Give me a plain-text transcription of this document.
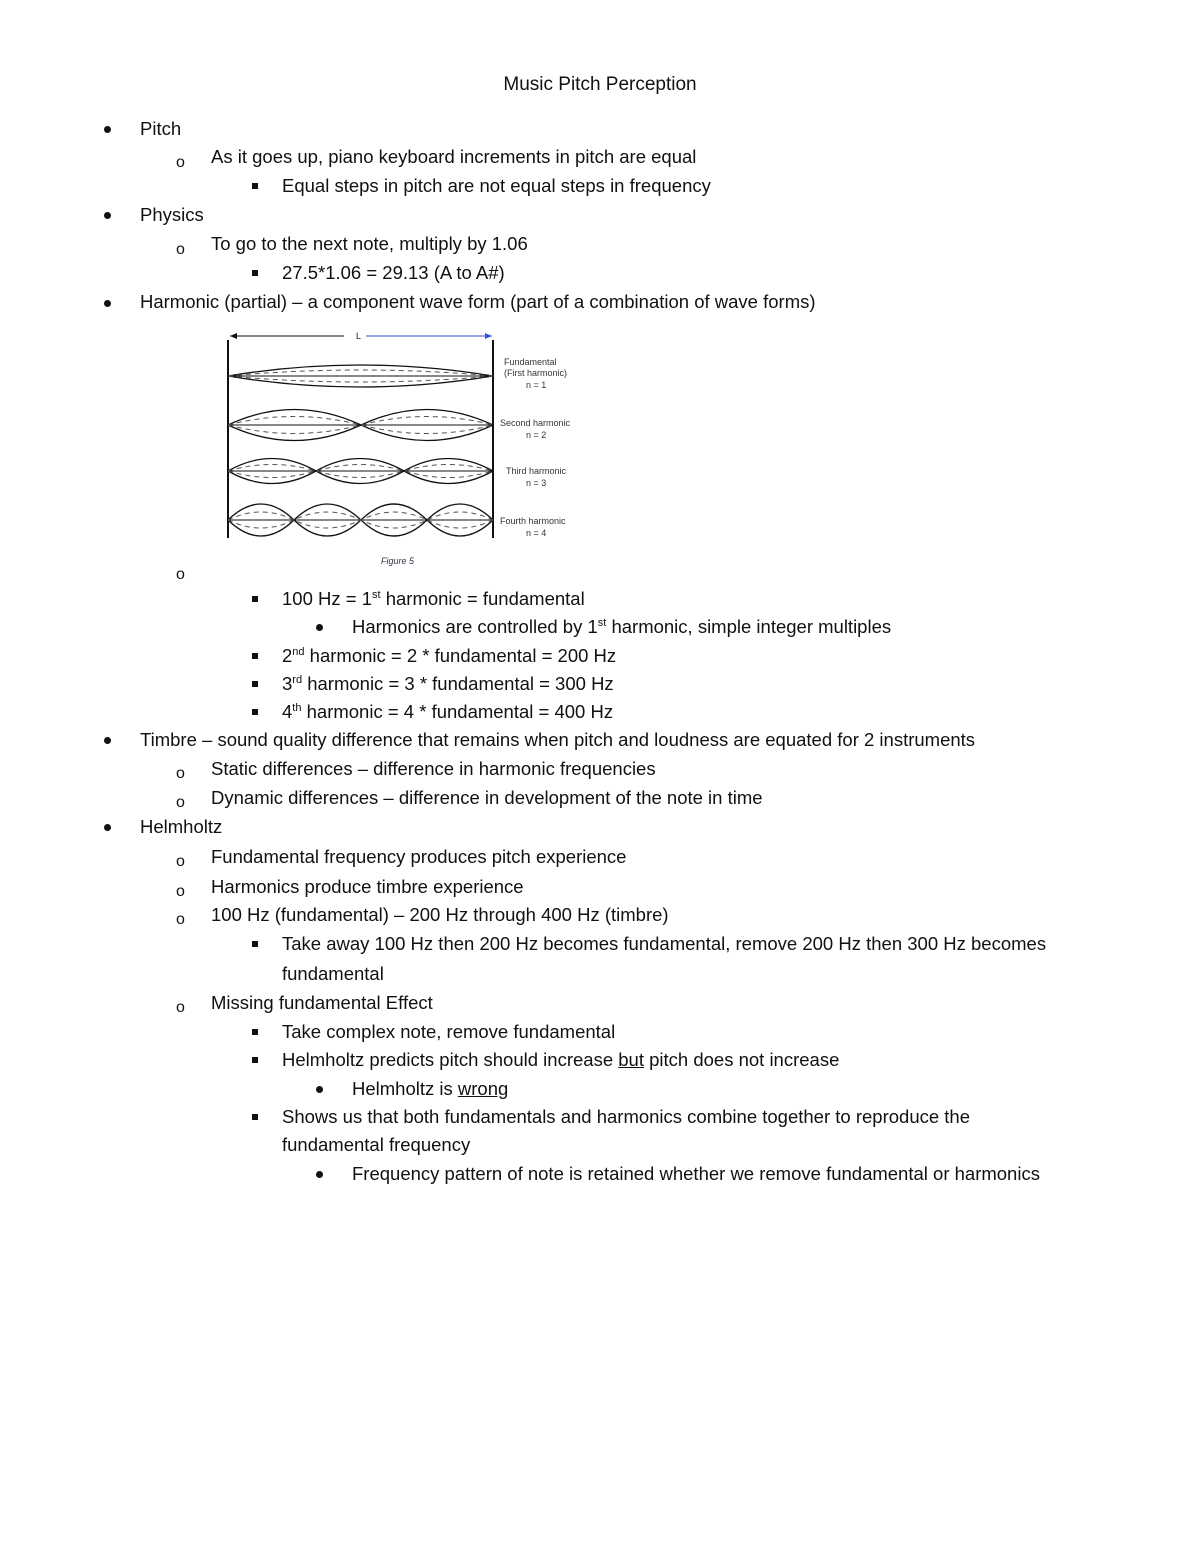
Music Pitch Perception
Pitch
o As it goes up, piano keyboard increments in pitch are equal
Equal steps in pitch are not equal steps in frequency
Physics
o To go to the next note, multiply by 1.06
27.5*1.06 = 29.13 (A to A#)
Harmonic (partial) – a component wave form (part of a combination of wave forms)
L
Fundamental
(First harmonic)
n = 1
Second harmonic
n = 2
Third harmonic
n = 3
Fourth harmonic
n = 4
Figure 5
o
100 Hz = 1st harmonic = fundamental
Harmonics are controlled by 1st harmonic, simple integer multiples
2nd harmonic = 2 * fundamental = 200 Hz
3rd harmonic = 3 * fundamental = 300 Hz
4th harmonic = 4 * fundamental = 400 Hz
Timbre – sound quality difference that remains when pitch and loudness are equated for 2 instruments
o Static differences – difference in harmonic frequencies
o Dynamic differences – difference in development of the note in time
Helmholtz
o Fundamental frequency produces pitch experience
o Harmonics produce timbre experience
o 100 Hz (fundamental) – 200 Hz through 400 Hz (timbre)
Take away 100 Hz then 200 Hz becomes fundamental, remove 200 Hz then 300 Hz becomes
fundamental
o Missing fundamental Effect
Take complex note, remove fundamental
Helmholtz predicts pitch should increase but pitch does not increase
Helmholtz is wrong
Shows us that both fundamentals and harmonics combine together to reproduce the
fundamental frequency
Frequency pattern of note is retained whether we remove fundamental or harmonics
